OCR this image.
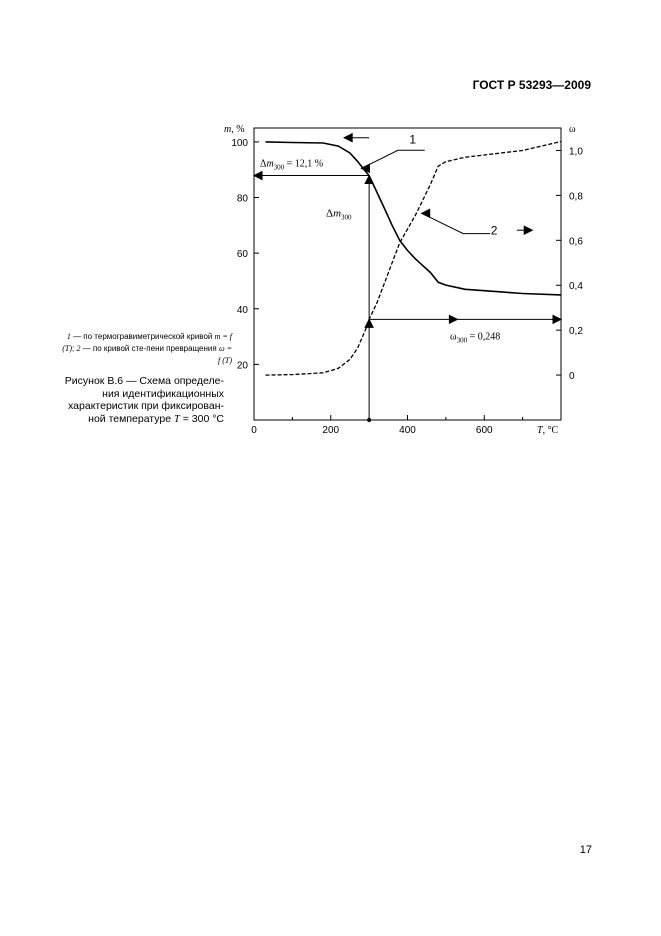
ГОСТ Р 53293—2009
0	200	400	600
20
40
60
80
100
0
0,2
0,4
0,6
0,8
1,0
m, %	ω
T, °C
1
2
$\Delta m_{300} = 12,1$ %
$\Delta m_{300}$
$\omega_{300} = 0,248$
1 — по термогравиметрической кривой m = f (T); 2 — по кривой сте-пени превращения ω = f (T)
Рисунок В.6 — Схема определе-ния идентификационных характеристик при фиксирован-ной температуре T = 300 °C
17
